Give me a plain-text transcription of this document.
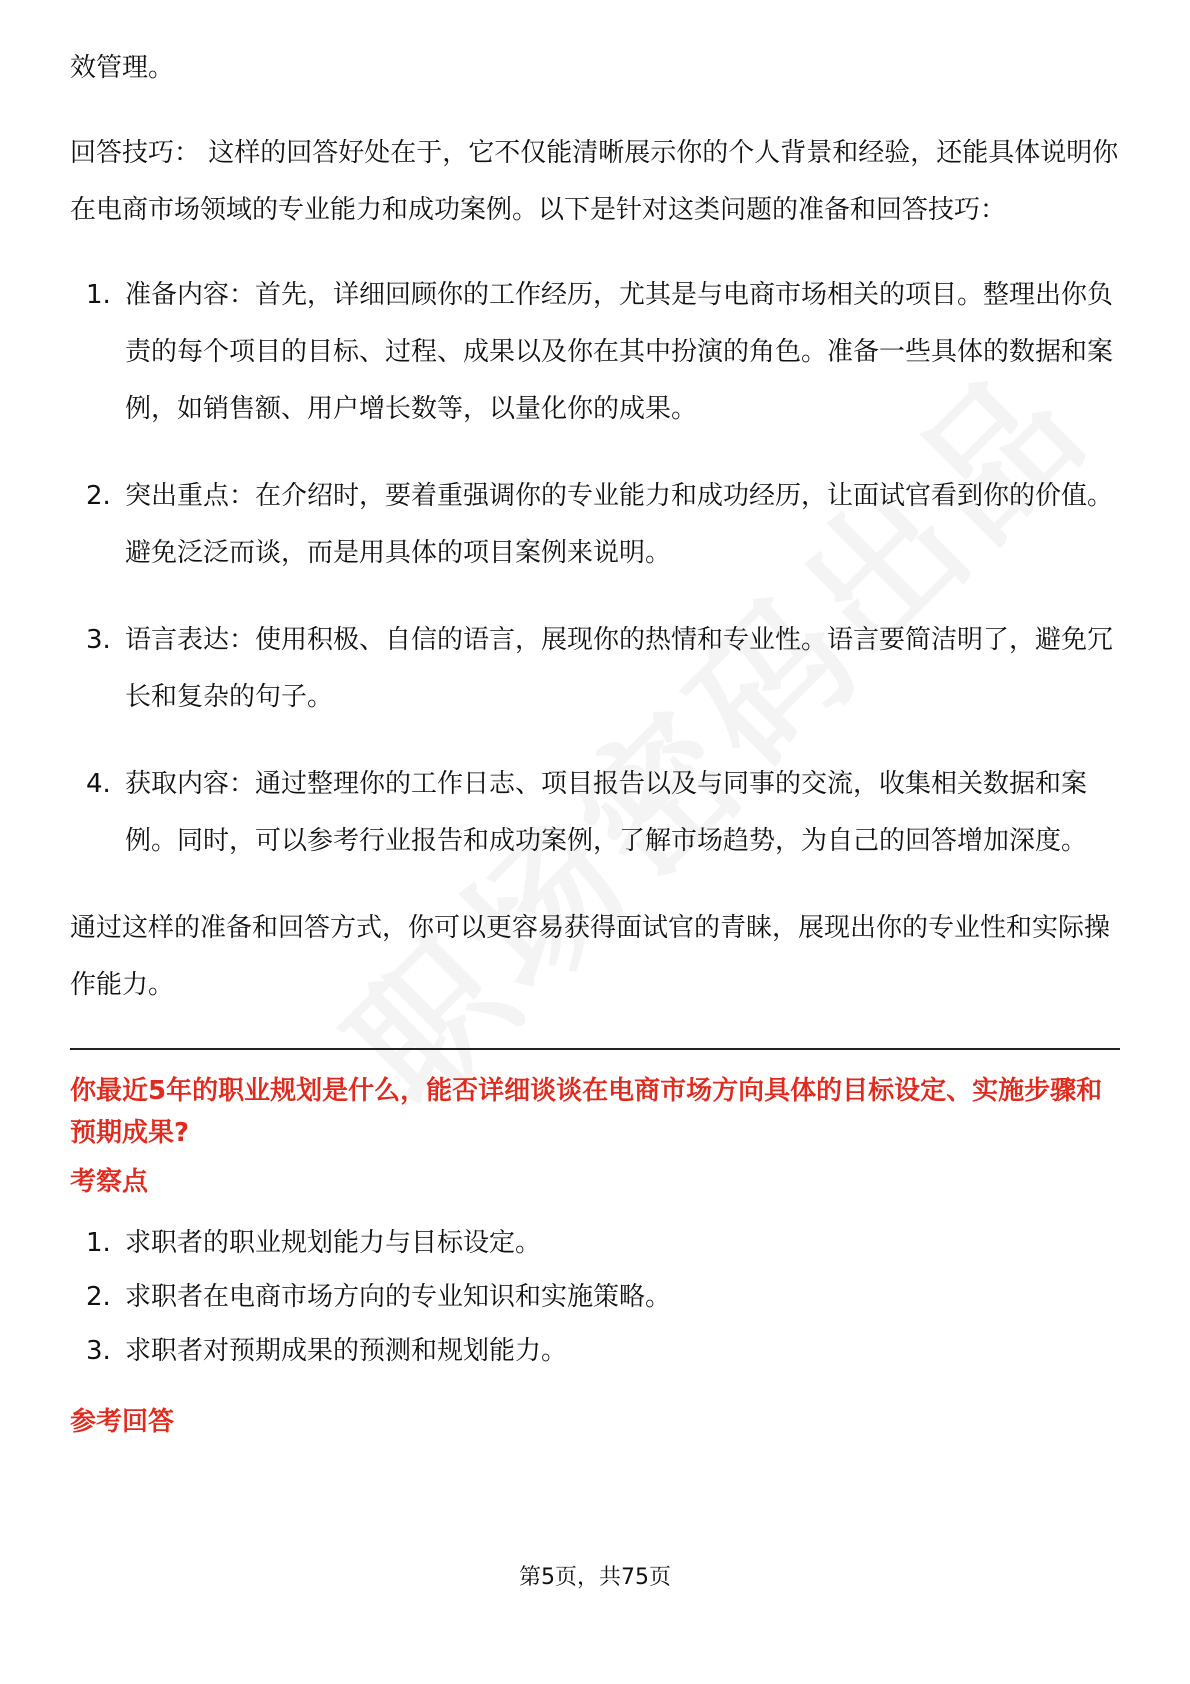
效管理。

回答技巧： 这样的回答好处在于，它不仅能清晰展示你的个人背景和经验，还能具体说明你在电商市场领域的专业能力和成功案例。以下是针对这类问题的准备和回答技巧：

1. 准备内容：首先，详细回顾你的工作经历，尤其是与电商市场相关的项目。整理出你负责的每个项目的目标、过程、成果以及你在其中扮演的角色。准备一些具体的数据和案例，如销售额、用户增长数等，以量化你的成果。
2. 突出重点：在介绍时，要着重强调你的专业能力和成功经历，让面试官看到你的价值。避免泛泛而谈，而是用具体的项目案例来说明。
3. 语言表达：使用积极、自信的语言，展现你的热情和专业性。语言要简洁明了，避免冗长和复杂的句子。
4. 获取内容：通过整理你的工作日志、项目报告以及与同事的交流，收集相关数据和案例。同时，可以参考行业报告和成功案例，了解市场趋势，为自己的回答增加深度。

通过这样的准备和回答方式，你可以更容易获得面试官的青睐，展现出你的专业性和实际操作能力。

你最近5年的职业规划是什么，能否详细谈谈在电商市场方向具体的目标设定、实施步骤和预期成果?

考察点
1. 求职者的职业规划能力与目标设定。
2. 求职者在电商市场方向的专业知识和实施策略。
3. 求职者对预期成果的预测和规划能力。
参考回答
第5页，共75页
